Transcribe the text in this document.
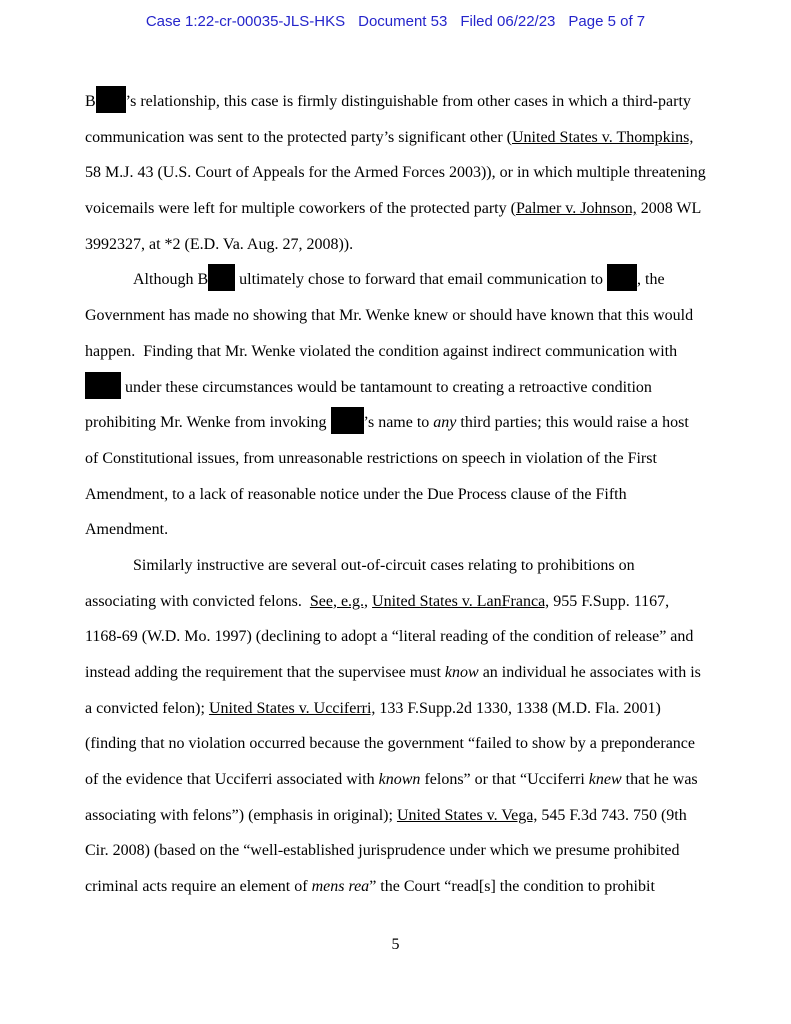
Case 1:22-cr-00035-JLS-HKS Document 53 Filed 06/22/23 Page 5 of 7
B ’s relationship, this case is firmly distinguishable from other cases in which a third-party
communication was sent to the protected party’s significant other (United States v. Thompkins,
58 M.J. 43 (U.S. Court of Appeals for the Armed Forces 2003)), or in which multiple threatening
voicemails were left for multiple coworkers of the protected party (Palmer v. Johnson, 2008 WL
3992327, at *2 (E.D. Va. Aug. 27, 2008)).
Although B ultimately chose to forward that email communication to , the
Government has made no showing that Mr. Wenke knew or should have known that this would
happen.  Finding that Mr. Wenke violated the condition against indirect communication with
under these circumstances would be tantamount to creating a retroactive condition
prohibiting Mr. Wenke from invoking ’s name to any third parties; this would raise a host
of Constitutional issues, from unreasonable restrictions on speech in violation of the First
Amendment, to a lack of reasonable notice under the Due Process clause of the Fifth
Amendment.
Similarly instructive are several out-of-circuit cases relating to prohibitions on
associating with convicted felons.  See, e.g., United States v. LanFranca, 955 F.Supp. 1167,
1168-69 (W.D. Mo. 1997) (declining to adopt a “literal reading of the condition of release” and
instead adding the requirement that the supervisee must know an individual he associates with is
a convicted felon); United States v. Ucciferri, 133 F.Supp.2d 1330, 1338 (M.D. Fla. 2001)
(finding that no violation occurred because the government “failed to show by a preponderance
of the evidence that Ucciferri associated with known felons” or that “Ucciferri knew that he was
associating with felons”) (emphasis in original); United States v. Vega, 545 F.3d 743. 750 (9th
Cir. 2008) (based on the “well-established jurisprudence under which we presume prohibited
criminal acts require an element of mens rea” the Court “read[s] the condition to prohibit
5
